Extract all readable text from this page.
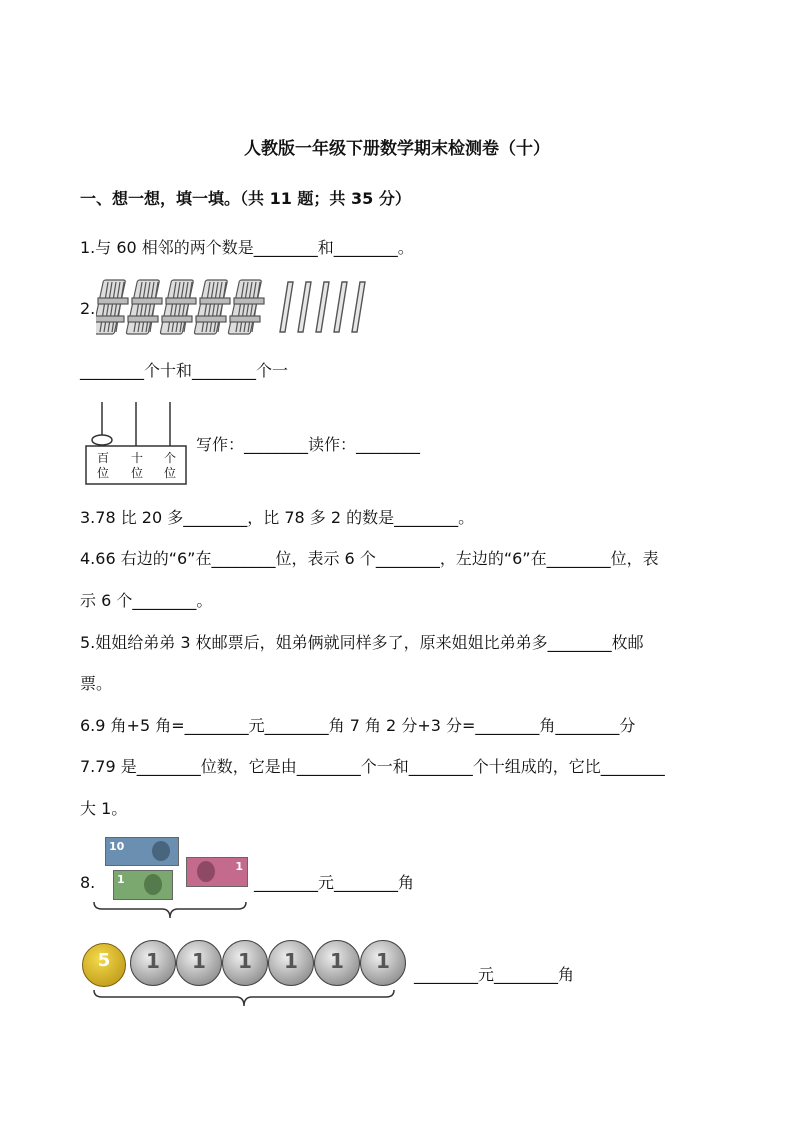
人教版一年级下册数学期末检测卷（十）
一、想一想，填一填。（共 11 题；共 35 分）
1.与 60 相邻的两个数是________和________。
2.
________个十和________个一
百
位
十
位
个
位
写作：________读作：________
3.78 比 20 多________，比 78 多 2 的数是________。
4.66 右边的“6”在________位，表示 6 个________，左边的“6”在________位，表
示 6 个________。
5.姐姐给弟弟 3 枚邮票后，姐弟俩就同样多了，原来姐姐比弟弟多________枚邮
票。
6.9 角+5 角=________元________角 7 角 2 分+3 分=________角________分
7.79 是________位数，它是由________个一和________个十组成的，它比________
大 1。
8.
10
1
1
________元________角
5	1	1	1	1	1	1
________元________角
